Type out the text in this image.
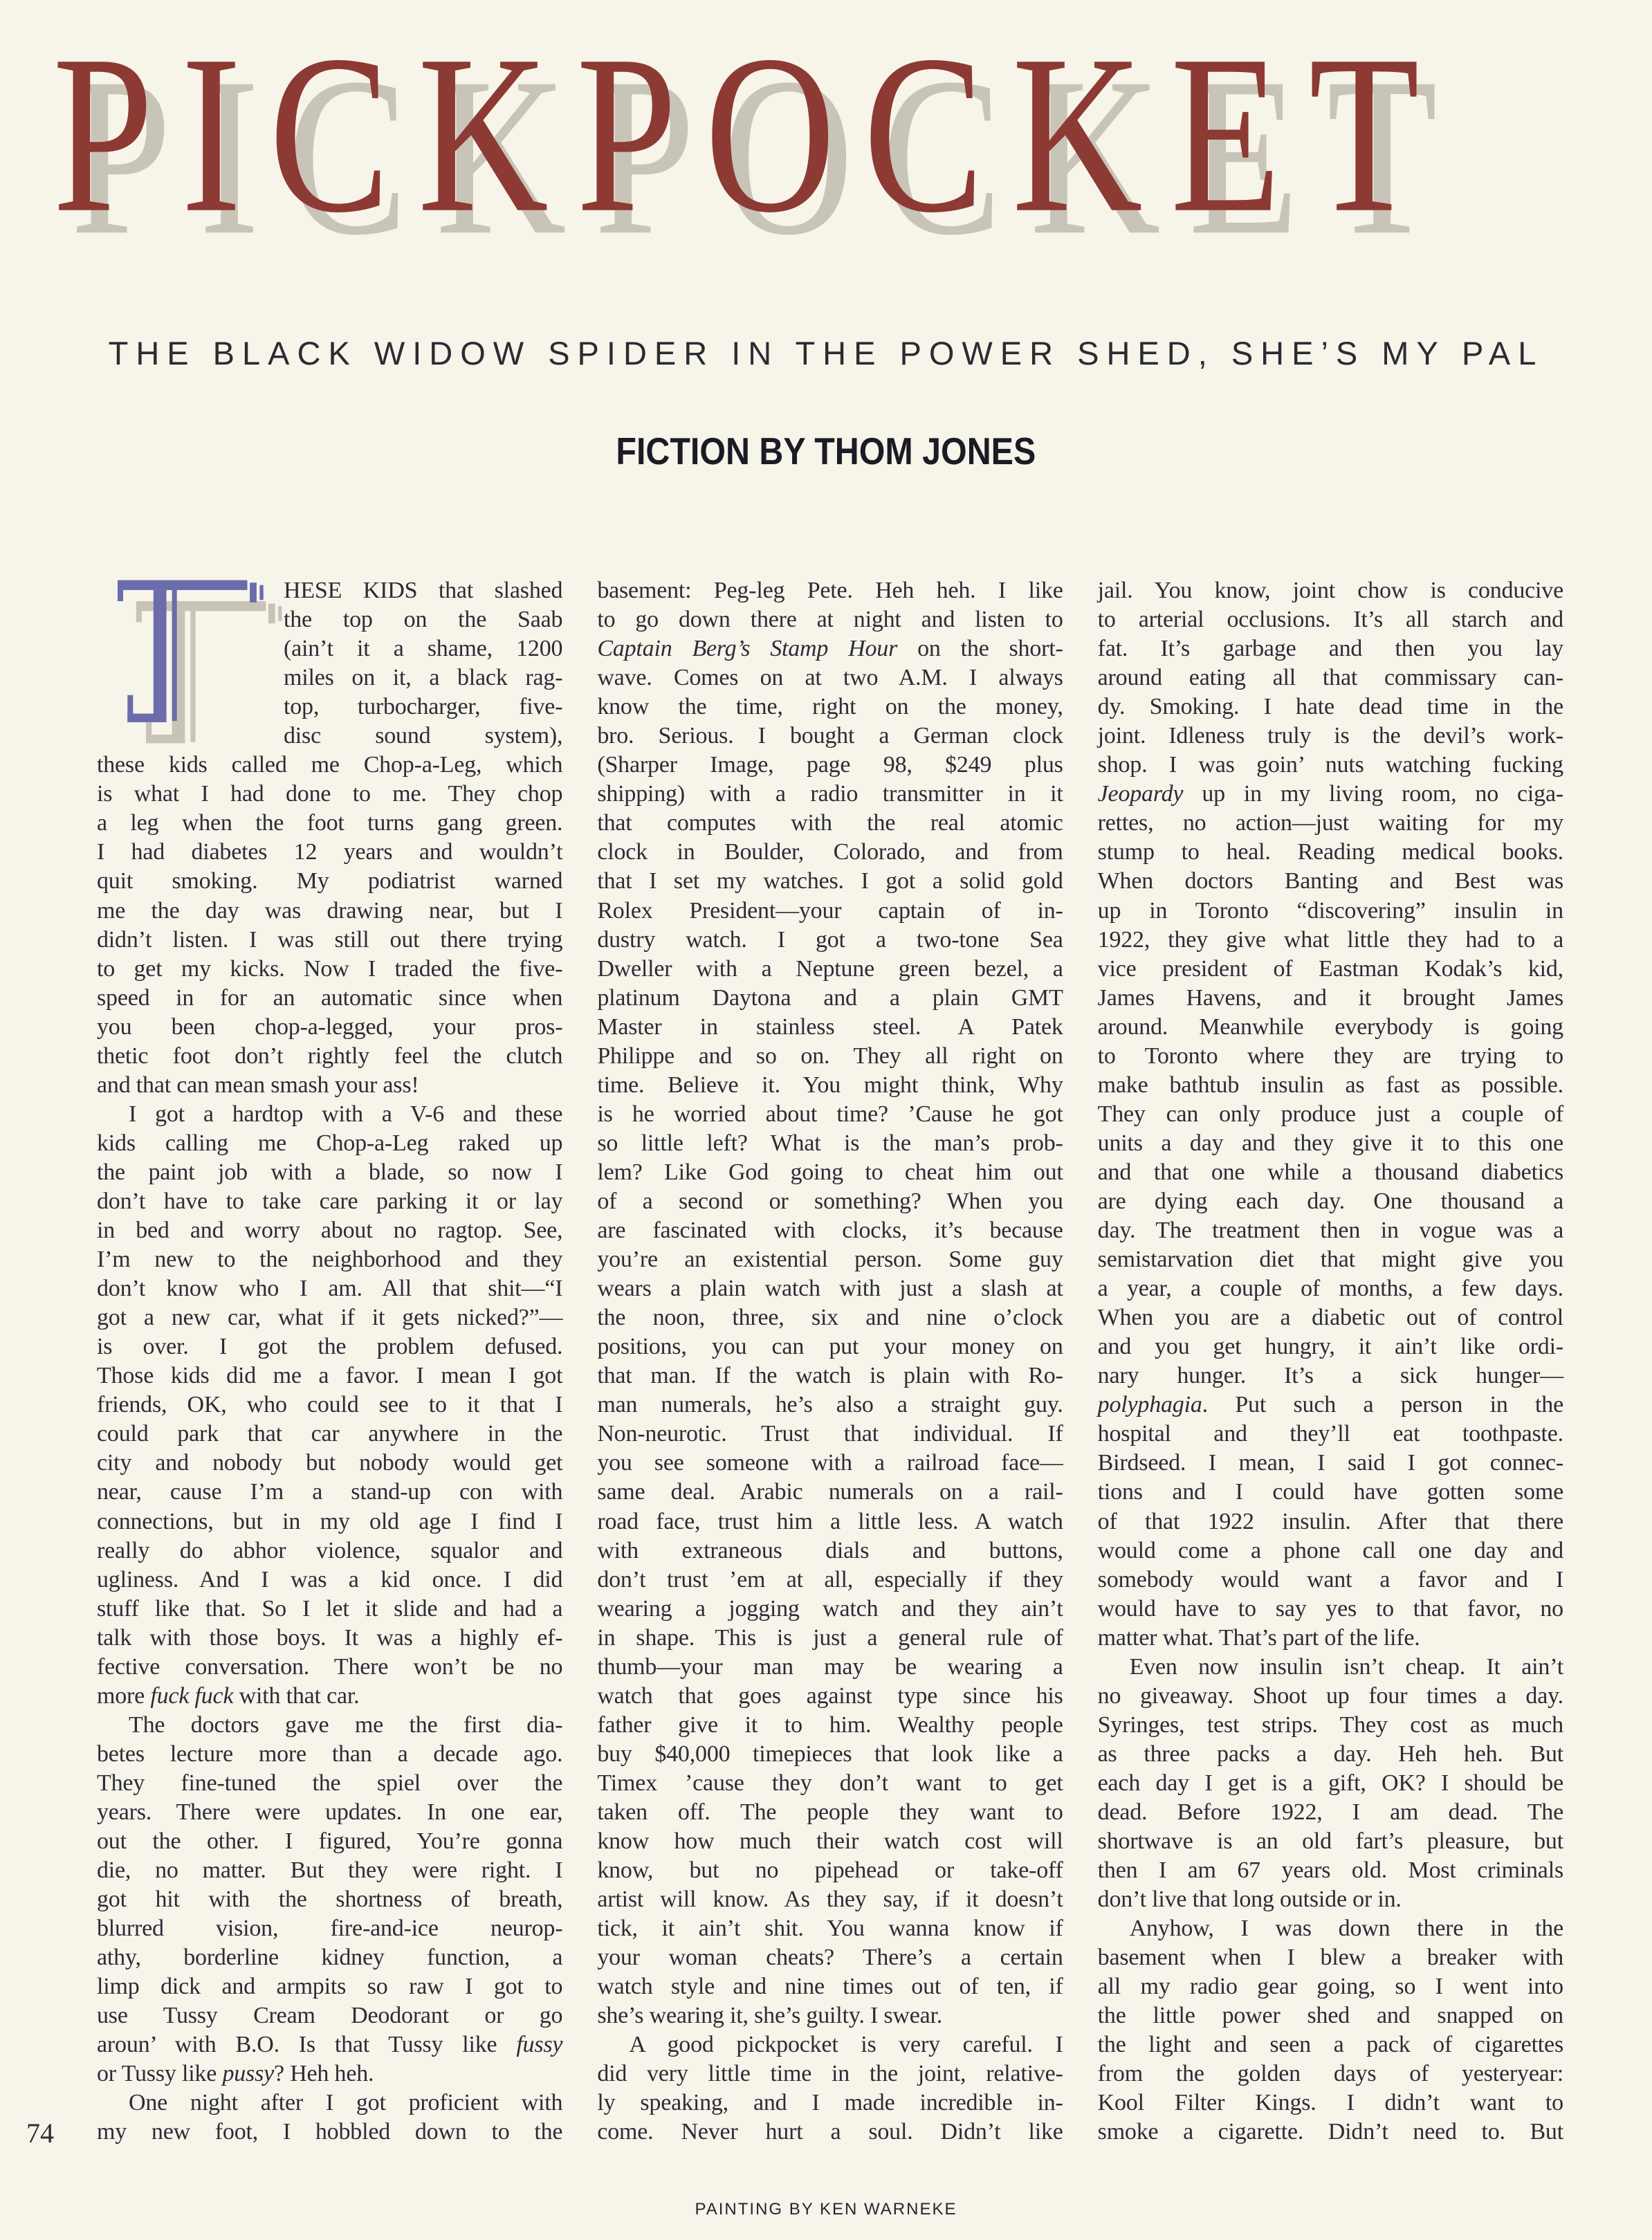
PICKPOCKET
THE BLACK WIDOW SPIDER IN THE POWER SHED, SHE’S MY PAL
FICTION BY THOM JONES
HESE KIDS that slashed
the top on the Saab
(ain’t it a shame, 1200
miles on it, a black rag-
top, turbocharger, five-
disc sound system),
these kids called me Chop-a-Leg, which
is what I had done to me. They chop
a leg when the foot turns gang green.
I had diabetes 12 years and wouldn’t
quit smoking. My podiatrist warned
me the day was drawing near, but I
didn’t listen. I was still out there trying
to get my kicks. Now I traded the five-
speed in for an automatic since when
you been chop-a-legged, your pros-
thetic foot don’t rightly feel the clutch
and that can mean smash your ass!
I got a hardtop with a V-6 and these
kids calling me Chop-a-Leg raked up
the paint job with a blade, so now I
don’t have to take care parking it or lay
in bed and worry about no ragtop. See,
I’m new to the neighborhood and they
don’t know who I am. All that shit—“I
got a new car, what if it gets nicked?”—
is over. I got the problem defused.
Those kids did me a favor. I mean I got
friends, OK, who could see to it that I
could park that car anywhere in the
city and nobody but nobody would get
near, cause I’m a stand-up con with
connections, but in my old age I find I
really do abhor violence, squalor and
ugliness. And I was a kid once. I did
stuff like that. So I let it slide and had a
talk with those boys. It was a highly ef-
fective conversation. There won’t be no
more fuck fuck with that car.
The doctors gave me the first dia-
betes lecture more than a decade ago.
They fine-tuned the spiel over the
years. There were updates. In one ear,
out the other. I figured, You’re gonna
die, no matter. But they were right. I
got hit with the shortness of breath,
blurred vision, fire-and-ice neurop-
athy, borderline kidney function, a
limp dick and armpits so raw I got to
use Tussy Cream Deodorant or go
aroun’ with B.O. Is that Tussy like fussy
or Tussy like pussy? Heh heh.
One night after I got proficient with
my new foot, I hobbled down to the
basement: Peg-leg Pete. Heh heh. I like
to go down there at night and listen to
Captain Berg’s Stamp Hour on the short-
wave. Comes on at two A.M. I always
know the time, right on the money,
bro. Serious. I bought a German clock
(Sharper Image, page 98, $249 plus
shipping) with a radio transmitter in it
that computes with the real atomic
clock in Boulder, Colorado, and from
that I set my watches. I got a solid gold
Rolex President—your captain of in-
dustry watch. I got a two-tone Sea
Dweller with a Neptune green bezel, a
platinum Daytona and a plain GMT
Master in stainless steel. A Patek
Philippe and so on. They all right on
time. Believe it. You might think, Why
is he worried about time? ’Cause he got
so little left? What is the man’s prob-
lem? Like God going to cheat him out
of a second or something? When you
are fascinated with clocks, it’s because
you’re an existential person. Some guy
wears a plain watch with just a slash at
the noon, three, six and nine o’clock
positions, you can put your money on
that man. If the watch is plain with Ro-
man numerals, he’s also a straight guy.
Non-neurotic. Trust that individual. If
you see someone with a railroad face—
same deal. Arabic numerals on a rail-
road face, trust him a little less. A watch
with extraneous dials and buttons,
don’t trust ’em at all, especially if they
wearing a jogging watch and they ain’t
in shape. This is just a general rule of
thumb—your man may be wearing a
watch that goes against type since his
father give it to him. Wealthy people
buy $40,000 timepieces that look like a
Timex ’cause they don’t want to get
taken off. The people they want to
know how much their watch cost will
know, but no pipehead or take-off
artist will know. As they say, if it doesn’t
tick, it ain’t shit. You wanna know if
your woman cheats? There’s a certain
watch style and nine times out of ten, if
she’s wearing it, she’s guilty. I swear.
A good pickpocket is very careful. I
did very little time in the joint, relative-
ly speaking, and I made incredible in-
come. Never hurt a soul. Didn’t like
jail. You know, joint chow is conducive
to arterial occlusions. It’s all starch and
fat. It’s garbage and then you lay
around eating all that commissary can-
dy. Smoking. I hate dead time in the
joint. Idleness truly is the devil’s work-
shop. I was goin’ nuts watching fucking
Jeopardy up in my living room, no ciga-
rettes, no action—just waiting for my
stump to heal. Reading medical books.
When doctors Banting and Best was
up in Toronto “discovering” insulin in
1922, they give what little they had to a
vice president of Eastman Kodak’s kid,
James Havens, and it brought James
around. Meanwhile everybody is going
to Toronto where they are trying to
make bathtub insulin as fast as possible.
They can only produce just a couple of
units a day and they give it to this one
and that one while a thousand diabetics
are dying each day. One thousand a
day. The treatment then in vogue was a
semistarvation diet that might give you
a year, a couple of months, a few days.
When you are a diabetic out of control
and you get hungry, it ain’t like ordi-
nary hunger. It’s a sick hunger—
polyphagia. Put such a person in the
hospital and they’ll eat toothpaste.
Birdseed. I mean, I said I got connec-
tions and I could have gotten some
of that 1922 insulin. After that there
would come a phone call one day and
somebody would want a favor and I
would have to say yes to that favor, no
matter what. That’s part of the life.
Even now insulin isn’t cheap. It ain’t
no giveaway. Shoot up four times a day.
Syringes, test strips. They cost as much
as three packs a day. Heh heh. But
each day I get is a gift, OK? I should be
dead. Before 1922, I am dead. The
shortwave is an old fart’s pleasure, but
then I am 67 years old. Most criminals
don’t live that long outside or in.
Anyhow, I was down there in the
basement when I blew a breaker with
all my radio gear going, so I went into
the little power shed and snapped on
the light and seen a pack of cigarettes
from the golden days of yesteryear:
Kool Filter Kings. I didn’t want to
smoke a cigarette. Didn’t need to. But
74
PAINTING BY KEN WARNEKE
